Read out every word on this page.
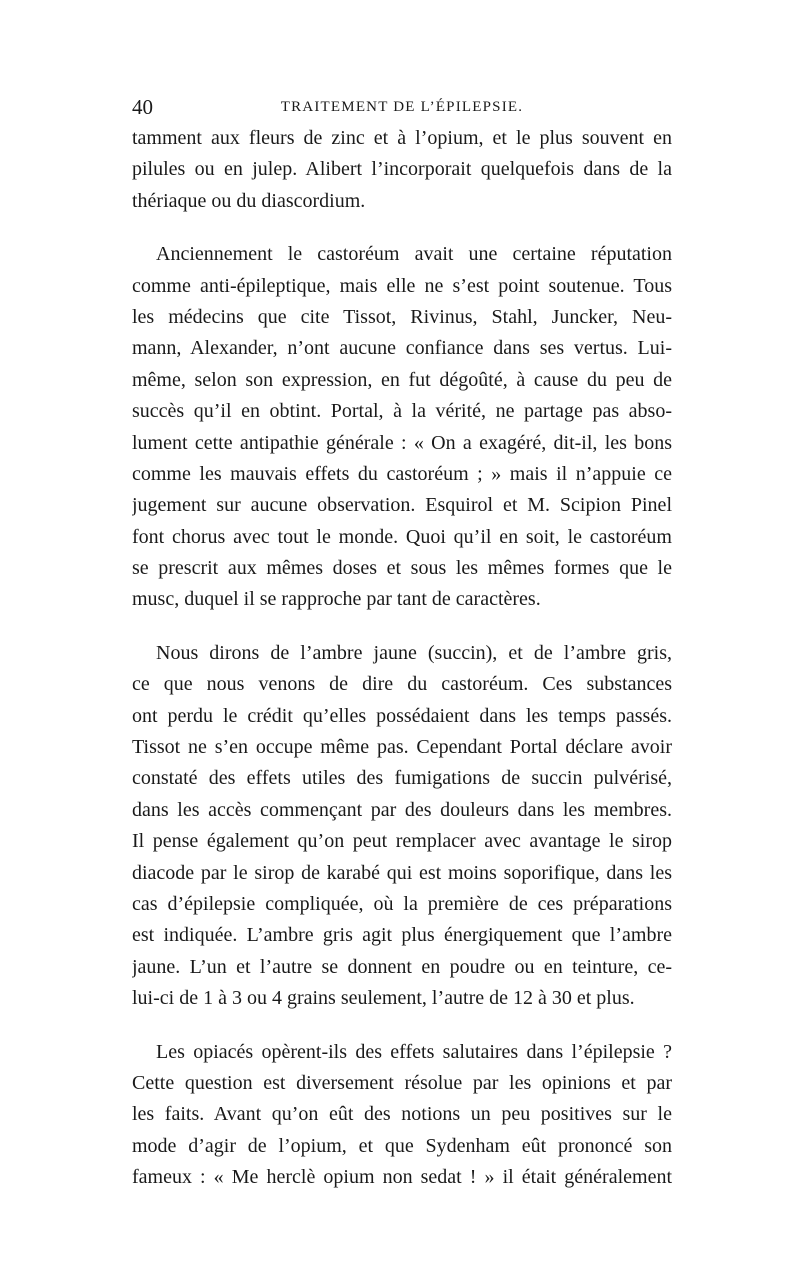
40	TRAITEMENT DE L’ÉPILEPSIE.

tamment aux fleurs de zinc et à l’opium, et le plus souvent en
pilules ou en julep. Alibert l’incorporait quelquefois dans de la
thériaque ou du diascordium.

Anciennement le castoréum avait une certaine réputation
comme anti-épileptique, mais elle ne s’est point soutenue. Tous
les médecins que cite Tissot, Rivinus, Stahl, Juncker, Neu-
mann, Alexander, n’ont aucune confiance dans ses vertus. Lui-
même, selon son expression, en fut dégoûté, à cause du peu de
succès qu’il en obtint. Portal, à la vérité, ne partage pas abso-
lument cette antipathie générale : « On a exagéré, dit-il, les bons
comme les mauvais effets du castoréum ; » mais il n’appuie ce
jugement sur aucune observation. Esquirol et M. Scipion Pinel
font chorus avec tout le monde. Quoi qu’il en soit, le castoréum
se prescrit aux mêmes doses et sous les mêmes formes que le
musc, duquel il se rapproche par tant de caractères.

Nous dirons de l’ambre jaune (succin), et de l’ambre gris,
ce que nous venons de dire du castoréum. Ces substances
ont perdu le crédit qu’elles possédaient dans les temps passés.
Tissot ne s’en occupe même pas. Cependant Portal déclare avoir
constaté des effets utiles des fumigations de succin pulvérisé,
dans les accès commençant par des douleurs dans les membres.
Il pense également qu’on peut remplacer avec avantage le sirop
diacode par le sirop de karabé qui est moins soporifique, dans les
cas d’épilepsie compliquée, où la première de ces préparations
est indiquée. L’ambre gris agit plus énergiquement que l’ambre
jaune. L’un et l’autre se donnent en poudre ou en teinture, ce-
lui-ci de 1 à 3 ou 4 grains seulement, l’autre de 12 à 30 et plus.

Les opiacés opèrent-ils des effets salutaires dans l’épilepsie ?
Cette question est diversement résolue par les opinions et par
les faits. Avant qu’on eût des notions un peu positives sur le
mode d’agir de l’opium, et que Sydenham eût prononcé son
fameux : « Me herclè opium non sedat ! » il était généralement
